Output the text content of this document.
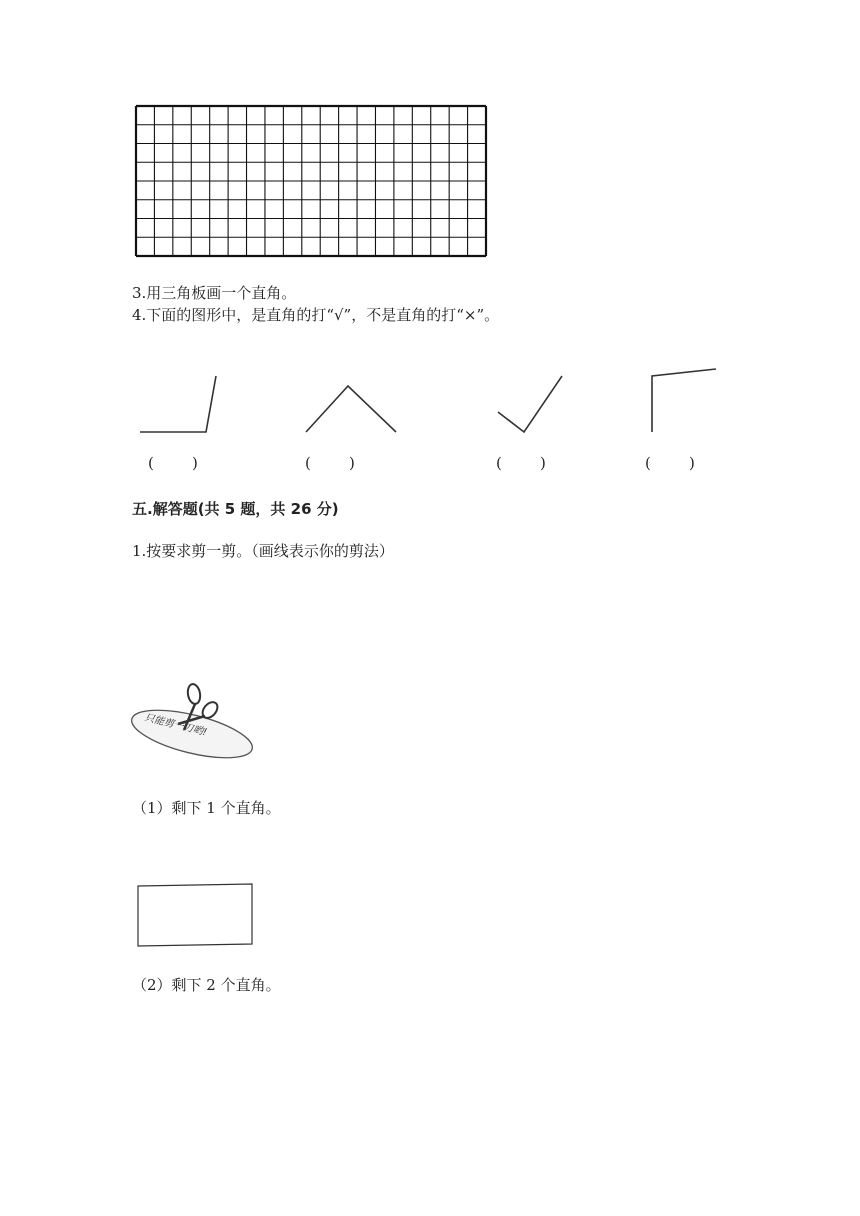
3.用三角板画一个直角。
4.下面的图形中，是直角的打“√”，不是直角的打“×”。
(        )	(        )	(        )	(        )
五.解答题(共 5 题，共 26 分)
1.按要求剪一剪。（画线表示你的剪法）
只能剪一刀哟!
（1）剩下 1 个直角。
（2）剩下 2 个直角。
